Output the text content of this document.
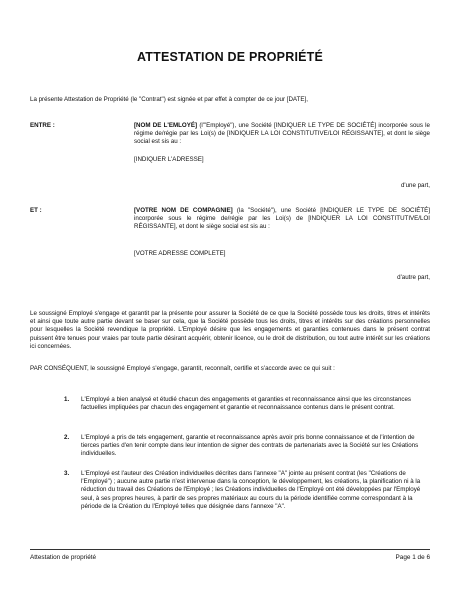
ATTESTATION DE PROPRIÉTÉ
La présente Attestation de Propriété (le "Contrat") est signée et par effet à compter de ce jour [DATE],
ENTRE :	[NOM DE L'EMLOYÉ] (l'"Employé"), une Société [INDIQUER LE TYPE DE SOCIÉTÉ] incorporée sous le régime de/régie par les Loi(s) de [INDIQUER LA LOI CONSTITUTIVE/LOI RÉGISSANTE], et dont le siège social est sis au :
[INDIQUER L'ADRESSE]
d'une part,
ET :	[VOTRE NOM DE COMPAGNIE] (la "Société"), une Société [INDIQUER LE TYPE DE SOCIÉTÉ] incorporée sous le régime de/régie par les Loi(s) de [INDIQUER LA LOI CONSTITUTIVE/LOI RÉGISSANTE], et dont le siège social est sis au :
[VOTRE ADRESSE COMPLETE]
d'autre part,
Le soussigné Employé s'engage et garantit par la présente pour assurer la Société de ce que la Société possède tous les droits, titres et intérêts et ainsi que toute autre partie devant se baser sur cela, que la Société possède tous les droits, titres et intérêts sur des créations personnelles pour lesquelles la Société revendique la propriété. L'Employé désire que les engagements et garanties contenues dans le présent contrat puissent être tenues pour vraies par toute partie désirant acquérir, obtenir licence, ou le droit de distribution, ou tout autre intérêt sur les créations ici concernées.
PAR CONSÉQUENT, le soussigné Employé s'engage, garantit, reconnaît, certifie et s'accorde avec ce qui suit :
1. L'Employé a bien analysé et étudié chacun des engagements et garanties et reconnaissance ainsi que les circonstances factuelles impliquées par chacun des engagement et garantie et reconnaissance contenus dans le présent contrat.
2. L'Employé a pris de tels engagement, garantie et reconnaissance après avoir pris bonne connaissance et de l'intention de tierces parties d'en tenir compte dans leur intention de signer des contrats de partenariats avec la Société sur les Créations individuelles.
3. L'Employé est l'auteur des Création individuelles décrites dans l'annexe "A" jointe au présent contrat (les "Créations de l'Employé") ; aucune autre partie n'est intervenue dans la conception, le développement, les créations, la planification ni à la réduction du travail des Créations de l'Employé ; les Créations individuelles de l'Employé ont été développées par l'Employé seul, à ses propres heures, à partir de ses propres matériaux au cours du la période identifiée comme correspondant à la période de la Création du l'Employé telles que désignée dans l'annexe "A".
Attestation de propriété	Page 1 de 6
